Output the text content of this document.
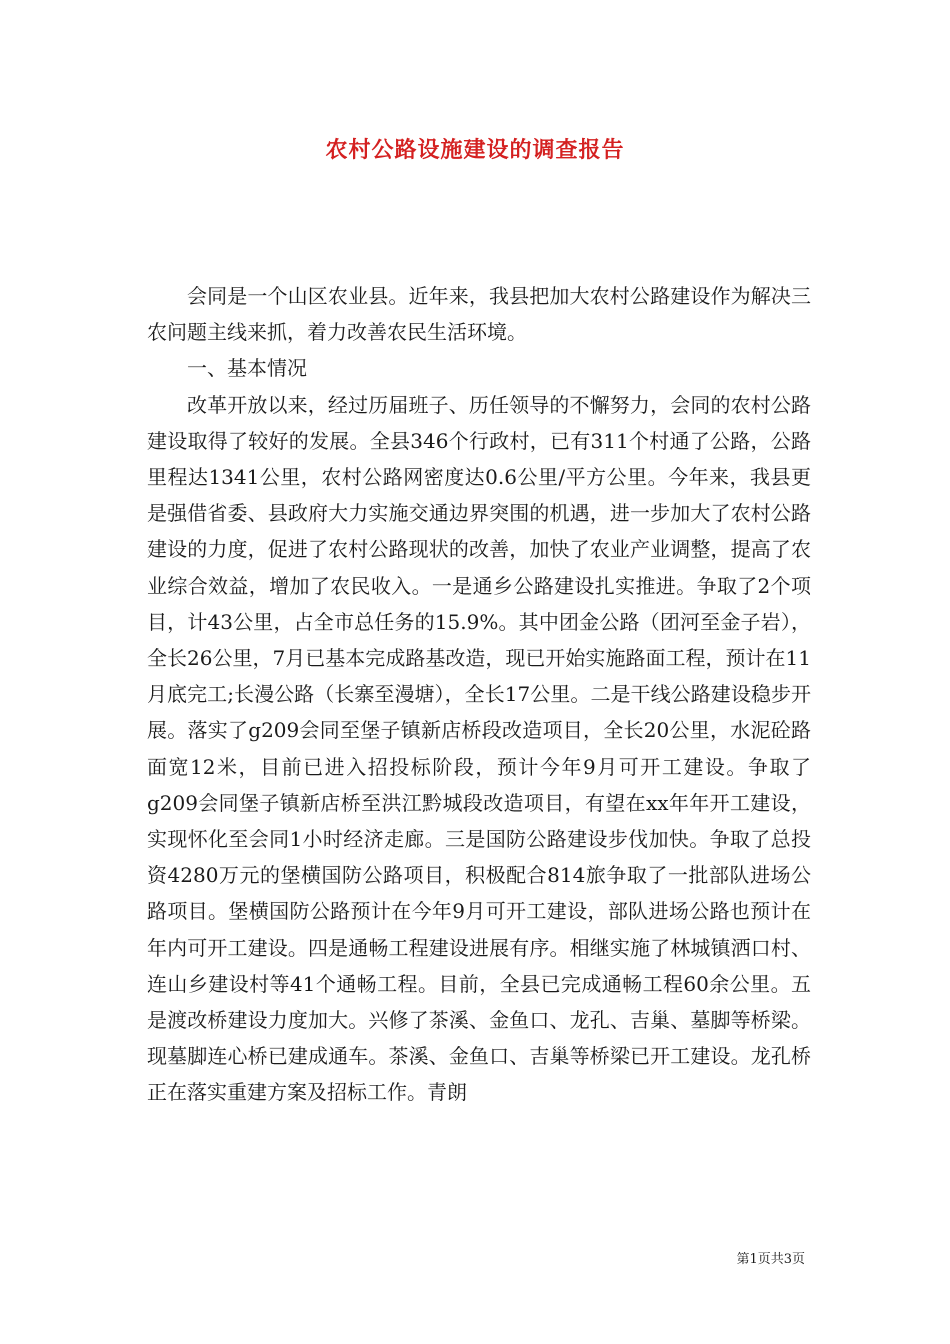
农村公路设施建设的调查报告

会同是一个山区农业县。近年来，我县把加大农村公路建设作为解决三农问题主线来抓，着力改善农民生活环境。

一、基本情况

改革开放以来，经过历届班子、历任领导的不懈努力，会同的农村公路建设取得了较好的发展。全县346个行政村，已有311个村通了公路，公路里程达1341公里，农村公路网密度达0.6公里/平方公里。今年来，我县更是强借省委、县政府大力实施交通边界突围的机遇，进一步加大了农村公路建设的力度，促进了农村公路现状的改善，加快了农业产业调整，提高了农业综合效益，增加了农民收入。一是通乡公路建设扎实推进。争取了2个项目，计43公里，占全市总任务的15.9%。其中团金公路（团河至金子岩），全长26公里，7月已基本完成路基改造，现已开始实施路面工程，预计在11月底完工;长漫公路（长寨至漫塘），全长17公里。二是干线公路建设稳步开展。落实了g209会同至堡子镇新店桥段改造项目，全长20公里，水泥砼路面宽12米，目前已进入招投标阶段，预计今年9月可开工建设。争取了g209会同堡子镇新店桥至洪江黔城段改造项目，有望在xx年年开工建设，实现怀化至会同1小时经济走廊。三是国防公路建设步伐加快。争取了总投资4280万元的堡横国防公路项目，积极配合814旅争取了一批部队进场公路项目。堡横国防公路预计在今年9月可开工建设，部队进场公路也预计在年内可开工建设。四是通畅工程建设进展有序。相继实施了林城镇洒口村、连山乡建设村等41个通畅工程。目前，全县已完成通畅工程60余公里。五是渡改桥建设力度加大。兴修了茶溪、金鱼口、龙孔、吉巢、墓脚等桥梁。现墓脚连心桥已建成通车。茶溪、金鱼口、吉巢等桥梁已开工建设。龙孔桥正在落实重建方案及招标工作。青朗

第1页共3页
